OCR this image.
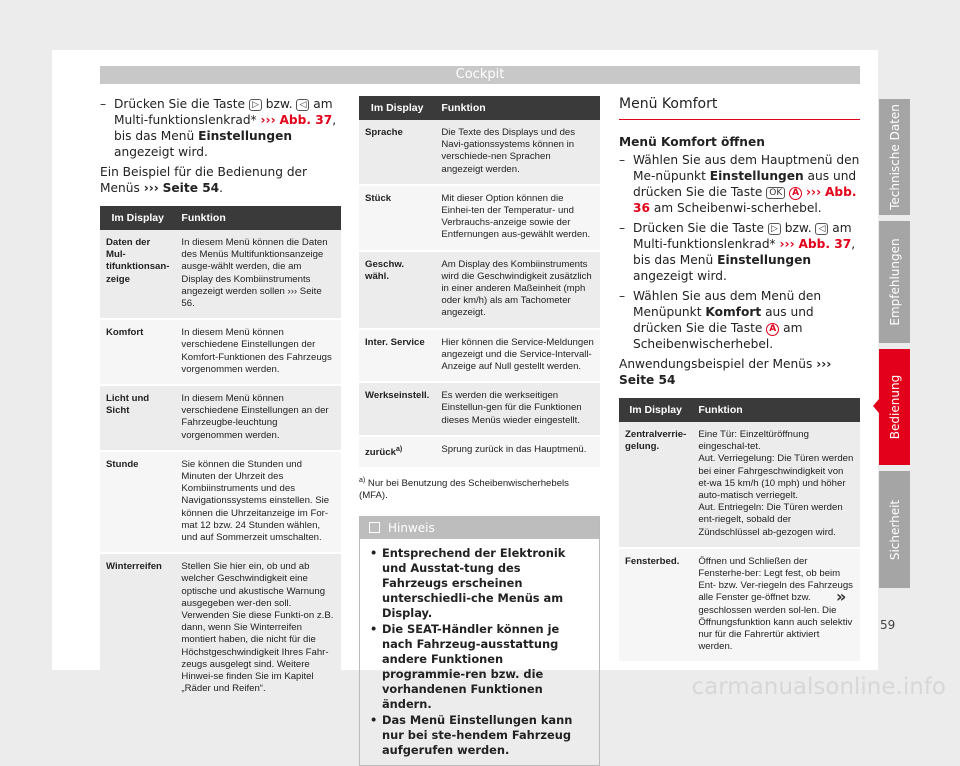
Cockpit
– Drücken Sie die Taste ▷ bzw. ◁ am Multi-funktionslenkrad* ››› Abb. 37, bis das Menü Einstellungen angezeigt wird.

Ein Beispiel für die Bedienung der Menüs ››› Seite 54.

Im Display	Funktion
Daten der Mul-tifunktionsan-zeige	In diesem Menü können die Daten des Menüs Multifunktionsanzeige ausge-wählt werden, die am Display des Kombiinstruments angezeigt werden sollen ››› Seite 56.
Komfort	In diesem Menü können verschiedene Einstellungen der Komfort-Funktionen des Fahrzeugs vorgenommen werden.
Licht und Sicht	In diesem Menü können verschiedene Einstellungen an der Fahrzeugbe-leuchtung vorgenommen werden.
Stunde	Sie können die Stunden und Minuten der Uhrzeit des Kombiinstruments und des Navigationssystems einstellen. Sie können die Uhrzeitanzeige im For-mat 12 bzw. 24 Stunden wählen, und auf Sommerzeit umschalten.
Winterreifen	Stellen Sie hier ein, ob und ab welcher Geschwindigkeit eine optische und akustische Warnung ausgegeben wer-den soll. Verwenden Sie diese Funkti-on z.B. dann, wenn Sie Winterreifen montiert haben, die nicht für die Höchstgeschwindigkeit Ihres Fahr-zeugs ausgelegt sind. Weitere Hinwei-se finden Sie im Kapitel „Räder und Reifen“.
Im Display	Funktion
Sprache	Die Texte des Displays und des Navi-gationssystems können in verschiede-nen Sprachen angezeigt werden.
Stück	Mit dieser Option können die Einhei-ten der Temperatur- und Verbrauchs-anzeige sowie der Entfernungen aus-gewählt werden.
Geschw. wähl.	Am Display des Kombiinstruments wird die Geschwindigkeit zusätzlich in einer anderen Maßeinheit (mph oder km/h) als am Tachometer angezeigt.
Inter. Service	Hier können die Service-Meldungen angezeigt und die Service-Intervall-Anzeige auf Null gestellt werden.
Werkseinstell.	Es werden die werkseitigen Einstellun-gen für die Funktionen dieses Menüs wieder eingestellt.
zurück$^{a)}$	Sprung zurück in das Hauptmenü.
$^{a)}$ Nur bei Benutzung des Scheibenwischerhebels (MFA).
Hinweis
• Entsprechend der Elektronik und Ausstat-tung des Fahrzeugs erscheinen unterschiedli-che Menüs am Display.
• Die SEAT-Händler können je nach Fahrzeug-ausstattung andere Funktionen programmie-ren bzw. die vorhandenen Funktionen ändern.
• Das Menü Einstellungen kann nur bei ste-hendem Fahrzeug aufgerufen werden.
Menü Komfort
Menü Komfort öffnen
– Wählen Sie aus dem Hauptmenü den Me-nüpunkt Einstellungen aus und drücken Sie die Taste OK A ››› Abb. 36 am Scheibenwi-scherhebel.
– Drücken Sie die Taste ▷ bzw. ◁ am Multi-funktionslenkrad* ››› Abb. 37, bis das Menü Einstellungen angezeigt wird.
– Wählen Sie aus dem Menü den Menüpunkt Komfort aus und drücken Sie die Taste A am Scheibenwischerhebel.

Anwendungsbeispiel der Menüs ››› Seite 54

Im Display	Funktion
Zentralverrie-gelung.	Eine Tür: Einzeltüröffnung eingeschal-tet.
Aut. Verriegelung: Die Türen werden bei einer Fahrgeschwindigkeit von et-wa 15 km/h (10 mph) und höher auto-matisch verriegelt.
Aut. Entriegeln: Die Türen werden ent-riegelt, sobald der Zündschlüssel ab-gezogen wird.
Fensterbed.	Öffnen und Schließen der Fensterhe-ber: Legt fest, ob beim Ent- bzw. Ver-riegeln des Fahrzeugs alle Fenster ge-öffnet bzw. geschlossen werden sol-len. Die Öffnungsfunktion kann auch selektiv nur für die Fahrertür aktiviert werden.
»
Technische Daten
Empfehlungen
Bedienung
Sicherheit
59
carmanualsonline.info
